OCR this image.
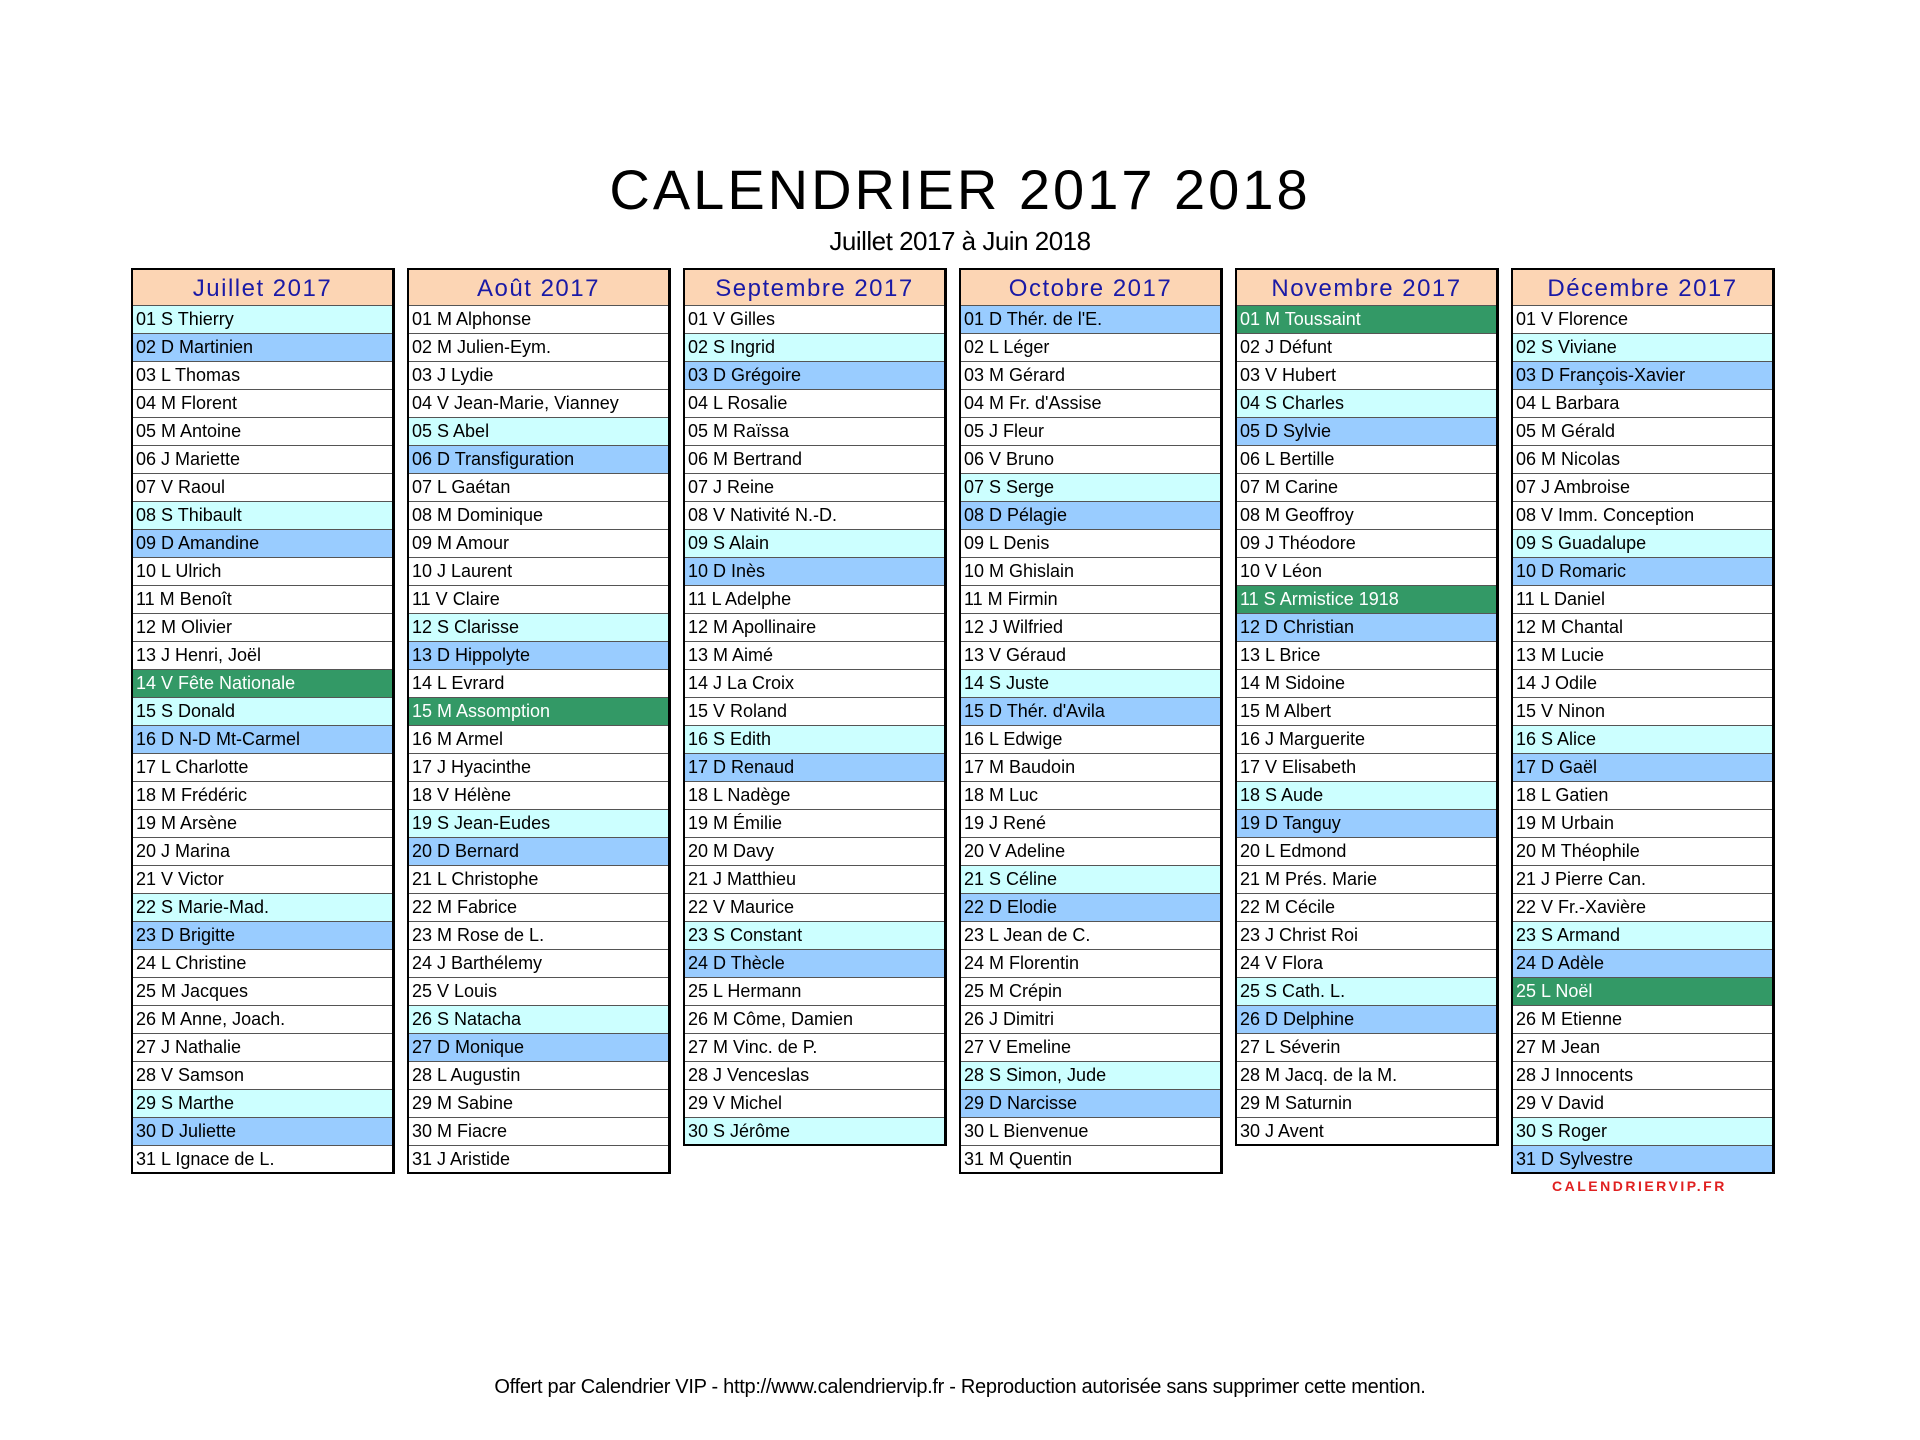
CALENDRIER 2017 2018
Juillet 2017 à Juin 2018
Juillet 2017
01 S Thierry
02 D Martinien
03 L Thomas
04 M Florent
05 M Antoine
06 J Mariette
07 V Raoul
08 S Thibault
09 D Amandine
10 L Ulrich
11 M Benoît
12 M Olivier
13 J Henri, Joël
14 V Fête Nationale
15 S Donald
16 D N-D Mt-Carmel
17 L Charlotte
18 M Frédéric
19 M Arsène
20 J Marina
21 V Victor
22 S Marie-Mad.
23 D Brigitte
24 L Christine
25 M Jacques
26 M Anne, Joach.
27 J Nathalie
28 V Samson
29 S Marthe
30 D Juliette
31 L Ignace de L.
Août 2017
01 M Alphonse
02 M Julien-Eym.
03 J Lydie
04 V Jean-Marie, Vianney
05 S Abel
06 D Transfiguration
07 L Gaétan
08 M Dominique
09 M Amour
10 J Laurent
11 V Claire
12 S Clarisse
13 D Hippolyte
14 L Evrard
15 M Assomption
16 M Armel
17 J Hyacinthe
18 V Hélène
19 S Jean-Eudes
20 D Bernard
21 L Christophe
22 M Fabrice
23 M Rose de L.
24 J Barthélemy
25 V Louis
26 S Natacha
27 D Monique
28 L Augustin
29 M Sabine
30 M Fiacre
31 J Aristide
Septembre 2017
01 V Gilles
02 S Ingrid
03 D Grégoire
04 L Rosalie
05 M Raïssa
06 M Bertrand
07 J Reine
08 V Nativité N.-D.
09 S Alain
10 D Inès
11 L Adelphe
12 M Apollinaire
13 M Aimé
14 J La Croix
15 V Roland
16 S Edith
17 D Renaud
18 L Nadège
19 M Émilie
20 M Davy
21 J Matthieu
22 V Maurice
23 S Constant
24 D Thècle
25 L Hermann
26 M Côme, Damien
27 M Vinc. de P.
28 J Venceslas
29 V Michel
30 S Jérôme
Octobre 2017
01 D Thér. de l'E.
02 L Léger
03 M Gérard
04 M Fr. d'Assise
05 J Fleur
06 V Bruno
07 S Serge
08 D Pélagie
09 L Denis
10 M Ghislain
11 M Firmin
12 J Wilfried
13 V Géraud
14 S Juste
15 D Thér. d'Avila
16 L Edwige
17 M Baudoin
18 M Luc
19 J René
20 V Adeline
21 S Céline
22 D Elodie
23 L Jean de C.
24 M Florentin
25 M Crépin
26 J Dimitri
27 V Emeline
28 S Simon, Jude
29 D Narcisse
30 L Bienvenue
31 M Quentin
Novembre 2017
01 M Toussaint
02 J Défunt
03 V Hubert
04 S Charles
05 D Sylvie
06 L Bertille
07 M Carine
08 M Geoffroy
09 J Théodore
10 V Léon
11 S Armistice 1918
12 D Christian
13 L Brice
14 M Sidoine
15 M Albert
16 J Marguerite
17 V Elisabeth
18 S Aude
19 D Tanguy
20 L Edmond
21 M Prés. Marie
22 M Cécile
23 J Christ Roi
24 V Flora
25 S Cath. L.
26 D Delphine
27 L Séverin
28 M Jacq. de la M.
29 M Saturnin
30 J Avent
Décembre 2017
01 V Florence
02 S Viviane
03 D François-Xavier
04 L Barbara
05 M Gérald
06 M Nicolas
07 J Ambroise
08 V Imm. Conception
09 S Guadalupe
10 D Romaric
11 L Daniel
12 M Chantal
13 M Lucie
14 J Odile
15 V Ninon
16 S Alice
17 D Gaël
18 L Gatien
19 M Urbain
20 M Théophile
21 J Pierre Can.
22 V Fr.-Xavière
23 S Armand
24 D Adèle
25 L Noël
26 M Etienne
27 M Jean
28 J Innocents
29 V David
30 S Roger
31 D Sylvestre
CALENDRIERVIP.FR
Offert par Calendrier VIP - http://www.calendriervip.fr - Reproduction autorisée sans supprimer cette mention.
